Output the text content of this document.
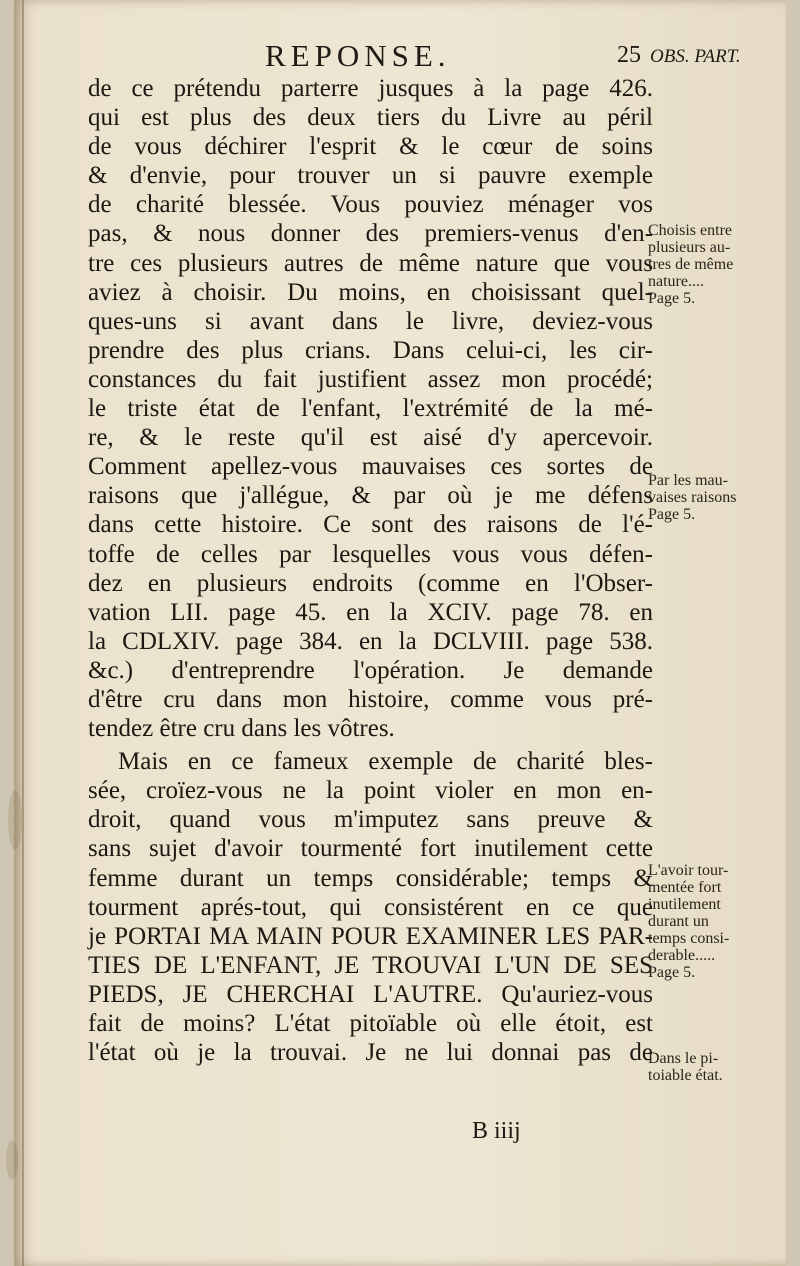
REPONSE.	25 OBS. PART.
de ce prétendu parterre jusques à la page 426.
qui est plus des deux tiers du Livre au péril
de vous déchirer l'esprit & le cœur de soins
& d'envie, pour trouver un si pauvre exemple
de charité blessée. Vous pouviez ménager vos
pas, & nous donner des premiers-venus d'en-
tre ces plusieurs autres de même nature que vous
aviez à choisir. Du moins, en choisissant quel-
ques-uns si avant dans le livre, deviez-vous
prendre des plus crians. Dans celui-ci, les cir-
constances du fait justifient assez mon procédé;
le triste état de l'enfant, l'extrémité de la mé-
re, & le reste qu'il est aisé d'y apercevoir.
Comment apellez-vous mauvaises ces sortes de
raisons que j'allégue, & par où je me défens
dans cette histoire. Ce sont des raisons de l'é-
toffe de celles par lesquelles vous vous défen-
dez en plusieurs endroits (comme en l'Obser-
vation LII. page 45. en la XCIV. page 78. en
la CDLXIV. page 384. en la DCLVIII. page 538.
&c.) d'entreprendre l'opération. Je demande
d'être cru dans mon histoire, comme vous pré-
tendez être cru dans les vôtres.
Mais en ce fameux exemple de charité bles-
sée, croïez-vous ne la point violer en mon en-
droit, quand vous m'imputez sans preuve &
sans sujet d'avoir tourmenté fort inutilement cette
femme durant un temps considérable; temps &
tourment aprés-tout, qui consistérent en ce que
je PORTAI MA MAIN POUR EXAMINER LES PAR-
TIES DE L'ENFANT, JE TROUVAI L'UN DE SES
PIEDS, JE CHERCHAI L'AUTRE. Qu'auriez-vous
fait de moins? L'état pitoïable où elle étoit, est
l'état où je la trouvai. Je ne lui donnai pas de
Choisis entre
plusieurs au-
tres de même
nature....
Page 5.
Par les mau-
vaises raisons
Page 5.
L'avoir tour-
mentée fort
inutilement
durant un
temps consi-
derable.....
Page 5.
Dans le pi-
toiable état.
B iiij
